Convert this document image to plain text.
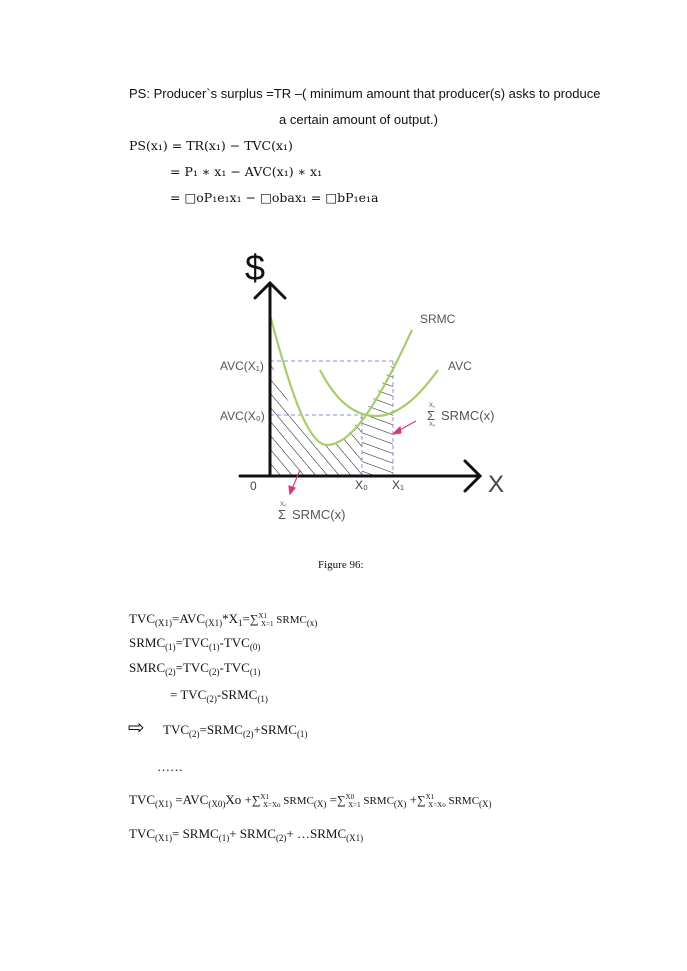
PS: Producer`s surplus =TR –( minimum amount that producer(s) asks to produce
a certain amount of output.)
PS(x₁) = TR(x₁) − TVC(x₁)
= P₁ ∗ x₁ − AVC(x₁) ∗ x₁
= □oP₁e₁x₁ − □obax₁ = □bP₁e₁a
$
X
0	X₀ X₁
AVC(X₁)
AVC(X₀)
SRMC
AVC
X₁
Σ
X₀
SRMC(x)
X₀
Σ SRMC(x)
Figure 96:
$TVC_{(X1)}=AVC_{(X1)}*X_1=\sum^{X1}_{X=1}$ $SRMC_{(x)}$
$SRMC_{(1)}=TVC_{(1)}-TVC_{(0)}$
$SMRC_{(2)}=TVC_{(2)}-TVC_{(1)}$
= $TVC_{(2)}-SRMC_{(1)}$
⇨ $TVC_{(2)}=SRMC_{(2)}+SRMC_{(1)}$
……
$TVC_{(X1)} =AVC_{(X0)}Xo +\sum^{X1}_{X=Xo}$ $SRMC_{(X)} =\sum^{X0}_{X=1}$ $SRMC_{(X)} +\sum^{X1}_{X=Xo}$ $SRMC_{(X)}$
$TVC_{(X1)}=$ $SRMC_{(1)}+$ $SRMC_{(2)}+$ $\dots SRMC_{(X1)}$
